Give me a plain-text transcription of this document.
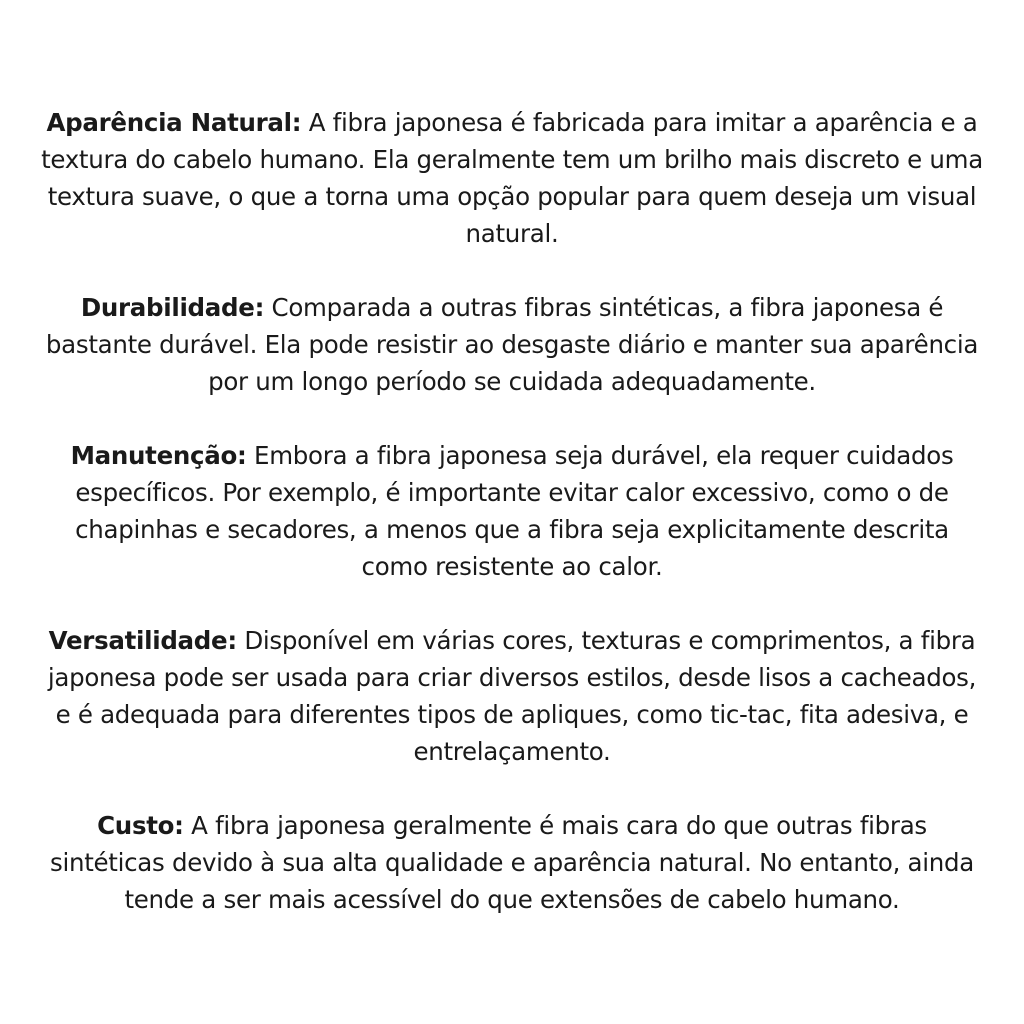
Aparência Natural: A fibra japonesa é fabricada para imitar a aparência e a textura do cabelo humano. Ela geralmente tem um brilho mais discreto e uma textura suave, o que a torna uma opção popular para quem deseja um visual natural.

Durabilidade: Comparada a outras fibras sintéticas, a fibra japonesa é bastante durável. Ela pode resistir ao desgaste diário e manter sua aparência por um longo período se cuidada adequadamente.

Manutenção: Embora a fibra japonesa seja durável, ela requer cuidados específicos. Por exemplo, é importante evitar calor excessivo, como o de chapinhas e secadores, a menos que a fibra seja explicitamente descrita como resistente ao calor.

Versatilidade: Disponível em várias cores, texturas e comprimentos, a fibra japonesa pode ser usada para criar diversos estilos, desde lisos a cacheados, e é adequada para diferentes tipos de apliques, como tic-tac, fita adesiva, e entrelaçamento.

Custo: A fibra japonesa geralmente é mais cara do que outras fibras sintéticas devido à sua alta qualidade e aparência natural. No entanto, ainda tende a ser mais acessível do que extensões de cabelo humano.
